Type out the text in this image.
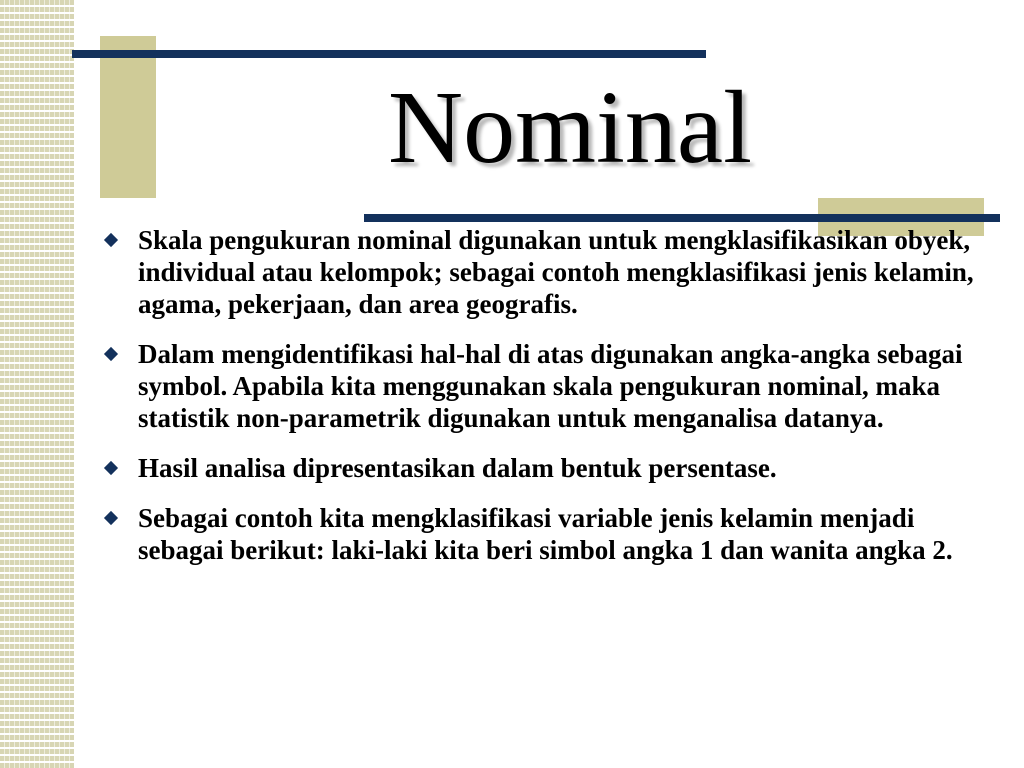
Nominal
Skala pengukuran nominal digunakan untuk mengklasifikasikan obyek, individual atau kelompok; sebagai contoh mengklasifikasi jenis kelamin, agama, pekerjaan, dan area geografis.
Dalam mengidentifikasi hal-hal di atas digunakan angka-angka sebagai symbol. Apabila kita menggunakan skala pengukuran nominal, maka statistik non-parametrik digunakan untuk menganalisa datanya.
Hasil analisa dipresentasikan dalam bentuk persentase.
Sebagai contoh kita mengklasifikasi variable jenis kelamin menjadi sebagai berikut: laki-laki kita beri simbol angka 1 dan wanita angka 2.
